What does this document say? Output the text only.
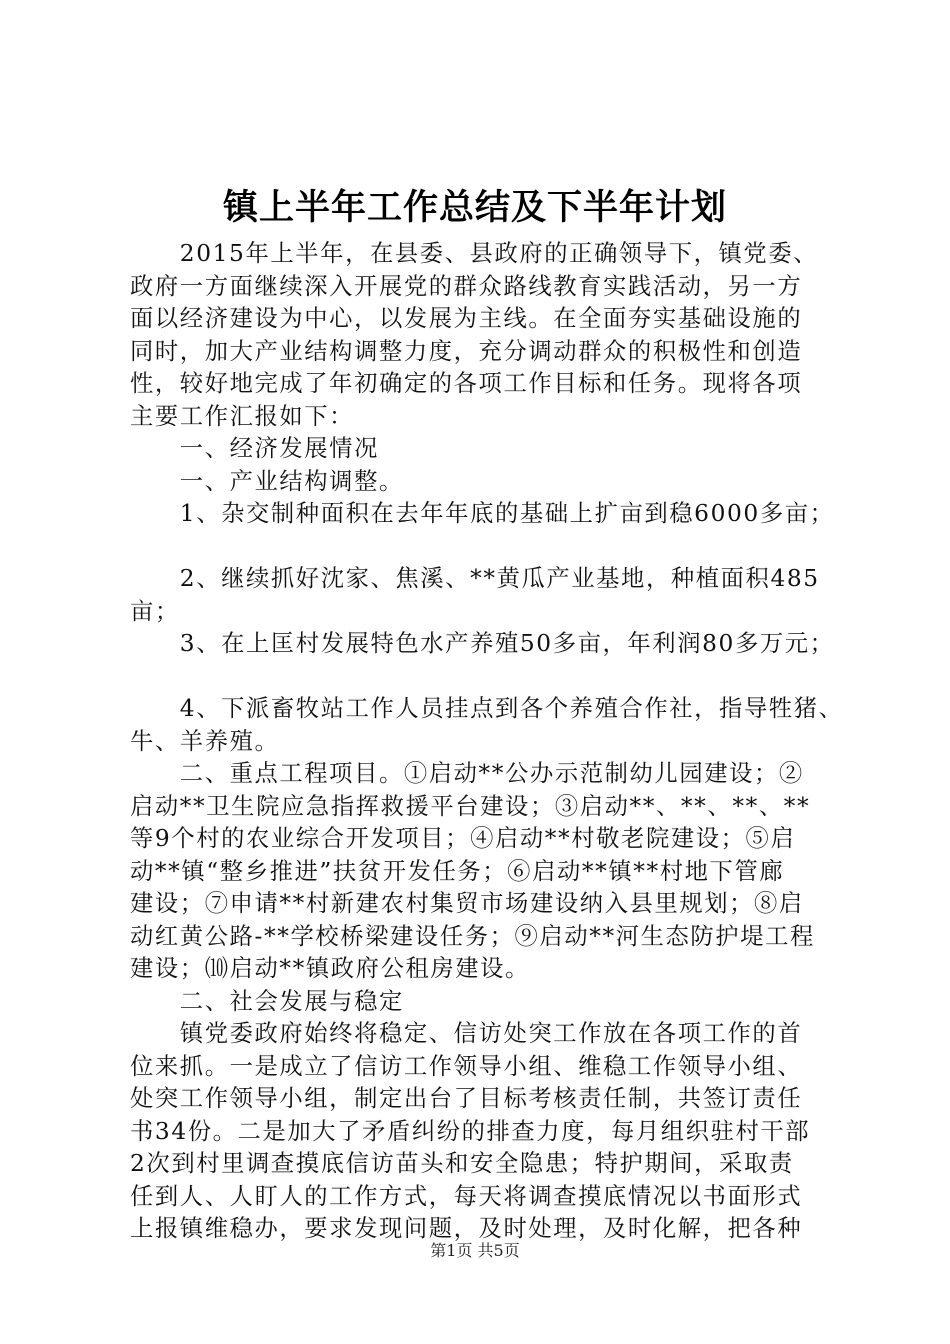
镇上半年工作总结及下半年计划
　　2015年上半年，在县委、县政府的正确领导下，镇党委、
政府一方面继续深入开展党的群众路线教育实践活动，另一方
面以经济建设为中心，以发展为主线。在全面夯实基础设施的
同时，加大产业结构调整力度，充分调动群众的积极性和创造
性，较好地完成了年初确定的各项工作目标和任务。现将各项
主要工作汇报如下：
　　一、经济发展情况
　　一、产业结构调整。
　　1、杂交制种面积在去年年底的基础上扩亩到稳6000多亩；
　　2、继续抓好沈家、焦溪、**黄瓜产业基地，种植面积485
亩；
　　3、在上匡村发展特色水产养殖50多亩，年利润80多万元；
　　4、下派畜牧站工作人员挂点到各个养殖合作社，指导牲猪、
牛、羊养殖。
　　二、重点工程项目。①启动**公办示范制幼儿园建设；②
启动**卫生院应急指挥救援平台建设；③启动**、**、**、**
等9个村的农业综合开发项目；④启动**村敬老院建设；⑤启
动**镇“整乡推进”扶贫开发任务；⑥启动**镇**村地下管廊
建设；⑦申请**村新建农村集贸市场建设纳入县里规划；⑧启
动红黄公路-**学校桥梁建设任务；⑨启动**河生态防护堤工程
建设；⑽启动**镇政府公租房建设。
　　二、社会发展与稳定
　　镇党委政府始终将稳定、信访处突工作放在各项工作的首
位来抓。一是成立了信访工作领导小组、维稳工作领导小组、
处突工作领导小组，制定出台了目标考核责任制，共签订责任
书34份。二是加大了矛盾纠纷的排查力度，每月组织驻村干部
2次到村里调查摸底信访苗头和安全隐患；特护期间，采取责
任到人、人盯人的工作方式，每天将调查摸底情况以书面形式
上报镇维稳办，要求发现问题，及时处理，及时化解，把各种
第1页 共5页
